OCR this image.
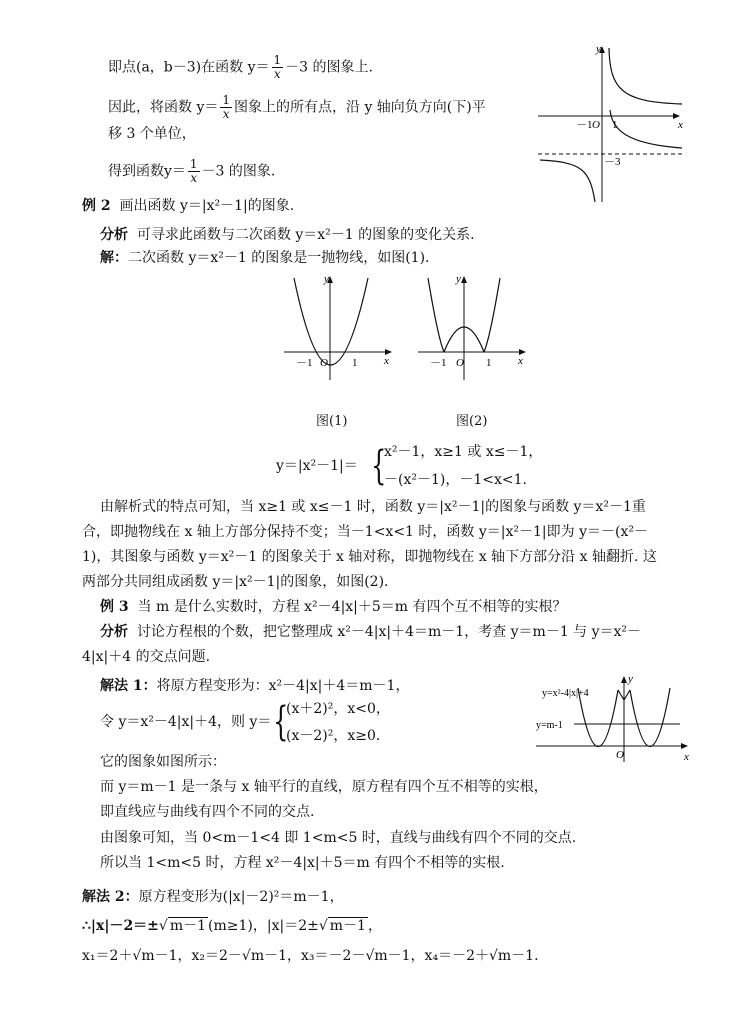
即点(a，b－3)在函数 $y= \frac{1}{x} -3$ 的图象上.
因此，将函数 $y= \frac{1}{x}$ 图象上的所有点，沿 y 轴向负方向(下)平
移 3 个单位，
得到函数$y= \frac{1}{x} -3$ 的图象.
y
x
－1 O 1
－3
例 2 画出函数 y＝|x²－1|的图象.
分析 可寻求此函数与二次函数 y＝x²－1 的图象的变化关系.
解：二次函数 y＝x²－1 的图象是一抛物线，如图(1).
y
x
－1 O 1
图(1)
y
x
－1 O 1
图(2)
y＝|x²－1|＝ {
x²－1，x≥1 或 x≤－1，
－(x²－1)，－1<x<1.
由解析式的特点可知，当 x≥1 或 x≤－1 时，函数 y＝|x²－1|的图象与函数 y＝x²－1重
合，即抛物线在 x 轴上方部分保持不变；当－1<x<1 时，函数 y＝|x²－1|即为 y＝－(x²－
1)，其图象与函数 y＝x²－1 的图象关于 x 轴对称，即抛物线在 x 轴下方部分沿 x 轴翻折. 这
两部分共同组成函数 y＝|x²－1|的图象，如图(2).
例 3 当 m 是什么实数时，方程 x²－4|x|＋5＝m 有四个互不相等的实根？
分析 讨论方程根的个数，把它整理成 x²－4|x|＋4＝m－1，考查 y＝m－1 与 y＝x²－
4|x|＋4 的交点问题.
解法 1：将原方程变形为：x²－4|x|＋4＝m－1，
令 y＝x²－4|x|＋4，则 y＝ {
(x＋2)²，x<0，
(x－2)²，x≥0.
它的图象如图所示：
而 y＝m－1 是一条与 x 轴平行的直线，原方程有四个互不相等的实根，
即直线应与曲线有四个不同的交点.
由图象可知，当 0<m－1<4 即 1<m<5 时，直线与曲线有四个不同的交点.
所以当 1<m<5 时，方程 x²－4|x|＋5＝m 有四个不相等的实根.
y=x²-4|x|+4
y=m-1
y
x
O
解法 2：原方程变形为(|x|－2)²＝m－1，
∴|x|－2＝±√ m－1 (m≥1)，|x|＝2±√ m－1 ，
x₁＝2＋√m－1，x₂＝2－√m－1，x₃＝－2－√m－1，x₄＝－2＋√m－1.
